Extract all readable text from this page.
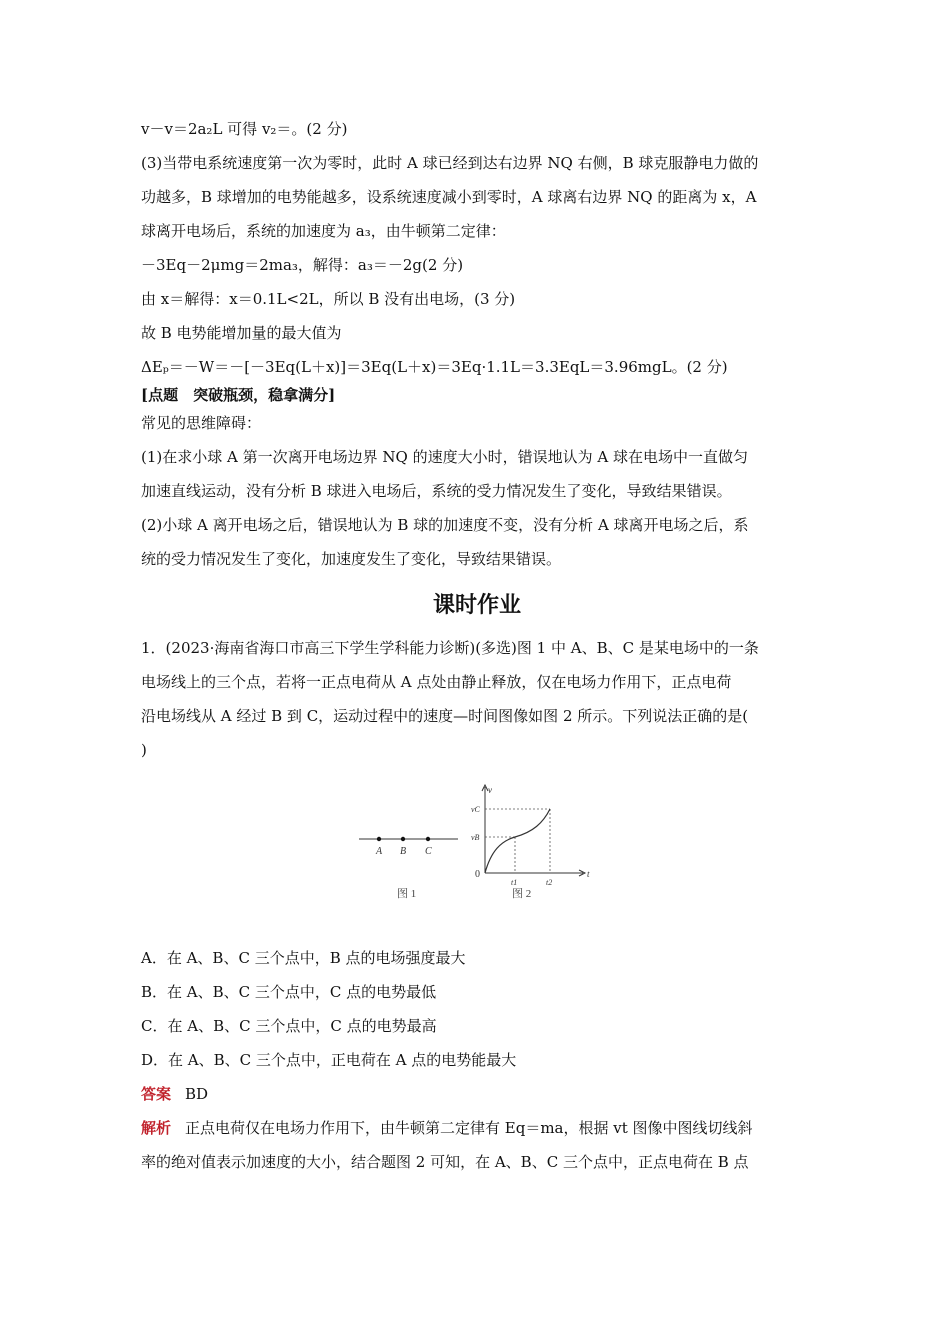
v－v＝2a₂L 可得 v₂＝。(2 分)

(3)当带电系统速度第一次为零时，此时 A 球已经到达右边界 NQ 右侧，B 球克服静电力做的

功越多，B 球增加的电势能越多，设系统速度减小到零时，A 球离右边界 NQ 的距离为 x，A

球离开电场后，系统的加速度为 a₃，由牛顿第二定律：

－3Eq－2μmg＝2ma₃，解得：a₃＝－2g(2 分)

由 x＝解得：x＝0.1L<2L，所以 B 没有出电场，(3 分)

故 B 电势能增加量的最大值为

ΔEₚ＝－W＝－[－3Eq(L＋x)]＝3Eq(L＋x)＝3Eq·1.1L＝3.3EqL＝3.96mgL。(2 分)

[点题　突破瓶颈，稳拿满分]

常见的思维障碍：

(1)在求小球 A 第一次离开电场边界 NQ 的速度大小时，错误地认为 A 球在电场中一直做匀

加速直线运动，没有分析 B 球进入电场后，系统的受力情况发生了变化，导致结果错误。

(2)小球 A 离开电场之后，错误地认为 B 球的加速度不变，没有分析 A 球离开电场之后，系

统的受力情况发生了变化，加速度发生了变化，导致结果错误。

课时作业

1．(2023·海南省海口市高三下学生学科能力诊断)(多选)图 1 中 A、B、C 是某电场中的一条

电场线上的三个点，若将一正点电荷从 A 点处由静止释放，仅在电场力作用下，正点电荷

沿电场线从 A 经过 B 到 C，运动过程中的速度—时间图像如图 2 所示。下列说法正确的是(

)

A B C
图 1
v
t
0
vC
vB
t1	t2
图 2

A．在 A、B、C 三个点中，B 点的电场强度最大

B．在 A、B、C 三个点中，C 点的电势最低

C．在 A、B、C 三个点中，C 点的电势最高

D．在 A、B、C 三个点中，正电荷在 A 点的电势能最大

答案 BD

解析 正点电荷仅在电场力作用下，由牛顿第二定律有 Eq＝ma，根据 vt 图像中图线切线斜

率的绝对值表示加速度的大小，结合题图 2 可知，在 A、B、C 三个点中，正点电荷在 B 点
